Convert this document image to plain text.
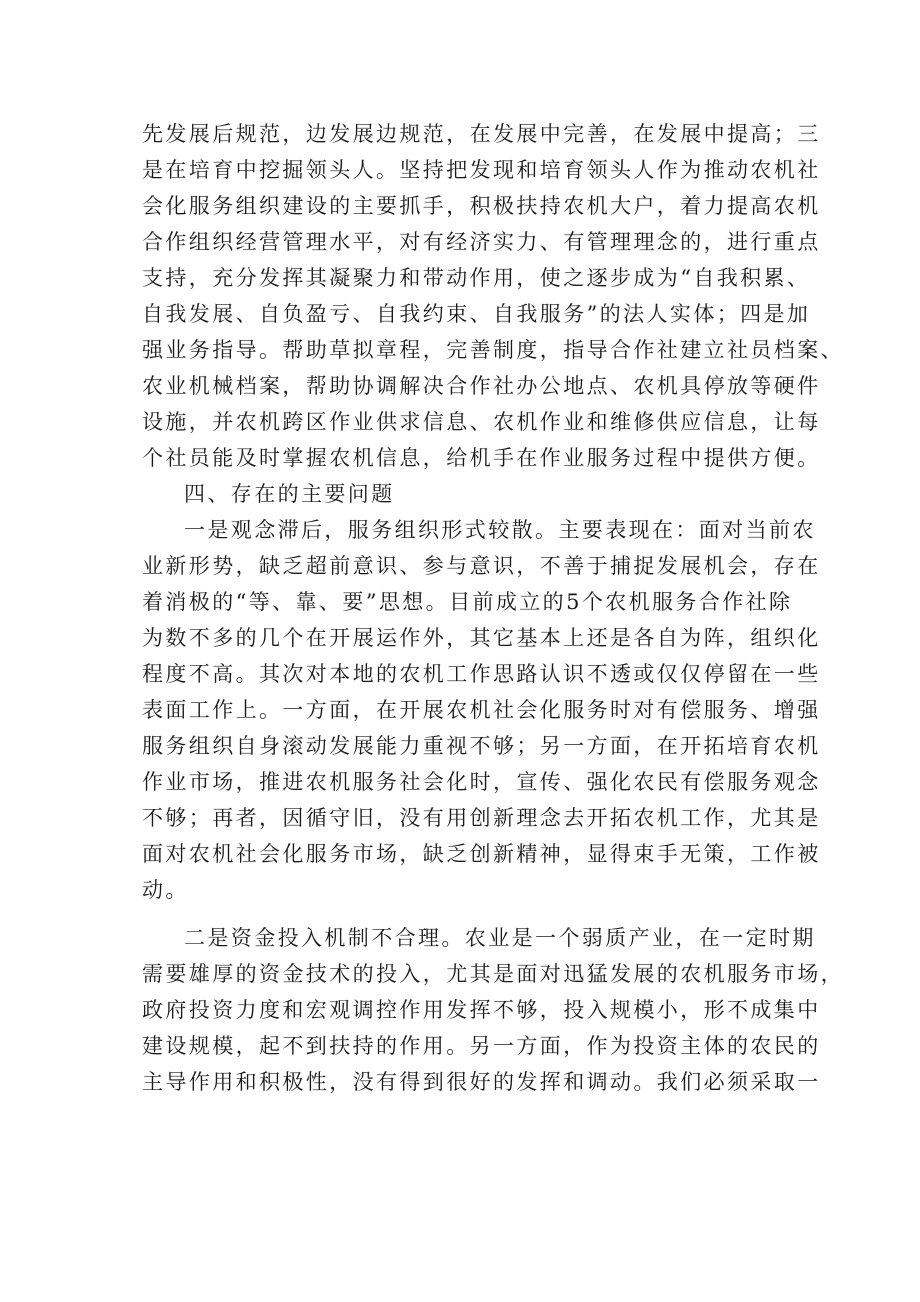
先发展后规范，边发展边规范，在发展中完善，在发展中提高；三
是在培育中挖掘领头人。坚持把发现和培育领头人作为推动农机社
会化服务组织建设的主要抓手，积极扶持农机大户，着力提高农机
合作组织经营管理水平，对有经济实力、有管理理念的，进行重点
支持，充分发挥其凝聚力和带动作用，使之逐步成为“自我积累、
自我发展、自负盈亏、自我约束、自我服务”的法人实体；四是加
强业务指导。帮助草拟章程，完善制度，指导合作社建立社员档案、
农业机械档案，帮助协调解决合作社办公地点、农机具停放等硬件
设施，并农机跨区作业供求信息、农机作业和维修供应信息，让每
个社员能及时掌握农机信息，给机手在作业服务过程中提供方便。
四、存在的主要问题
一是观念滞后，服务组织形式较散。主要表现在：面对当前农
业新形势，缺乏超前意识、参与意识，不善于捕捉发展机会，存在
着消极的“等、靠、要”思想。目前成立的5个农机服务合作社除
为数不多的几个在开展运作外，其它基本上还是各自为阵，组织化
程度不高。其次对本地的农机工作思路认识不透或仅仅停留在一些
表面工作上。一方面，在开展农机社会化服务时对有偿服务、增强
服务组织自身滚动发展能力重视不够；另一方面，在开拓培育农机
作业市场，推进农机服务社会化时，宣传、强化农民有偿服务观念
不够；再者，因循守旧，没有用创新理念去开拓农机工作，尤其是
面对农机社会化服务市场，缺乏创新精神，显得束手无策，工作被
动。
二是资金投入机制不合理。农业是一个弱质产业，在一定时期
需要雄厚的资金技术的投入，尤其是面对迅猛发展的农机服务市场，
政府投资力度和宏观调控作用发挥不够，投入规模小，形不成集中
建设规模，起不到扶持的作用。另一方面，作为投资主体的农民的
主导作用和积极性，没有得到很好的发挥和调动。我们必须采取一
